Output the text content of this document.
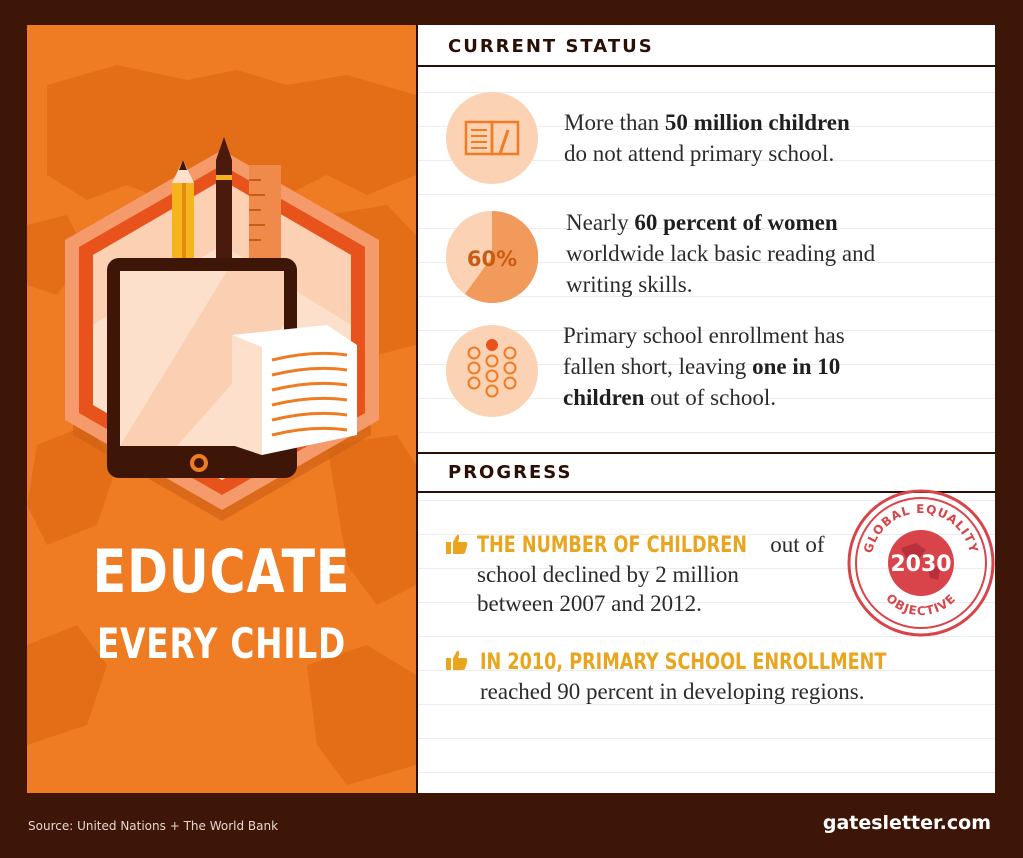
EDUCATE
EVERY CHILD
CURRENT STATUS
More than 50 million children
do not attend primary school.
60%
Nearly 60 percent of women
worldwide lack basic reading and
writing skills.
Primary school enrollment has
fallen short, leaving one in 10
children out of school.
PROGRESS
THE NUMBER OF CHILDREN out of
school declined by 2 million
between 2007 and 2012.
IN 2010, PRIMARY SCHOOL ENROLLMENT
reached 90 percent in developing regions.
GLOBAL EQUALITY
OBJECTIVE
2030
Source: United Nations + The World Bank	gatesletter.com
